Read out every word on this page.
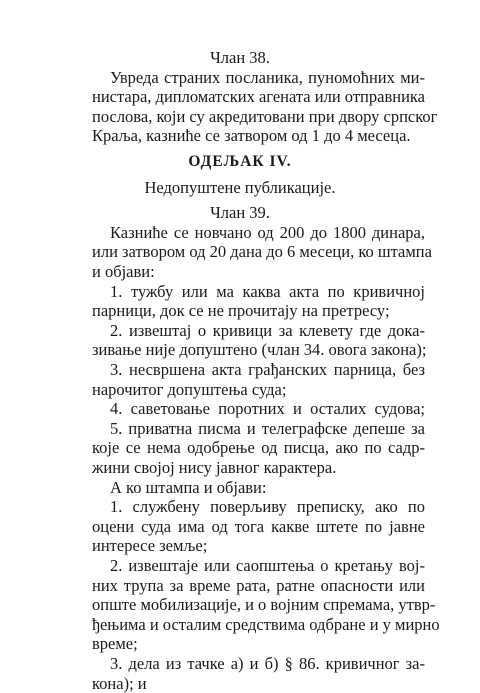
Члан 38.
Увреда страних посланика, пуномоћних ми-
нистара, дипломатских агената или отправника
послова, који су акредитовани при двору српског
Краља, казниће се затвором од 1 до 4 месеца.
ОДЕЉАК IV.
Недопуштене публикације.
Члан 39.
Казниће се новчано од 200 до 1800 динара,
или затвором од 20 дана до 6 месеци, ко штампа
и објави:
1. тужбу или ма каква акта по кривичној
парници, док се не прочитају на претресу;
2. извештај о кривици за клевету где дока-
зивање није допуштено (члан 34. овога закона);
3. несвршена акта грађанских парница, без
нарочитог допуштења суда;
4. саветовање поротних и осталих судова;
5. приватна писма и телеграфске депеше за
које се нема одобрење од писца, ако по садр-
жини својој нису јавног карактера.
А ко штампа и објави:
1. службену поверљиву преписку, ако по
оцени суда има од тога какве штете по јавне
интересе земље;
2. извештаје или саопштења о кретању вој-
них трупа за време рата, ратне опасности или
опште мобилизације, и о војним спремама, утвр-
ђењима и осталим средствима одбране и у мирно
време;
3. дела из тачке а) и б) § 86. кривичног за-
кона); и
